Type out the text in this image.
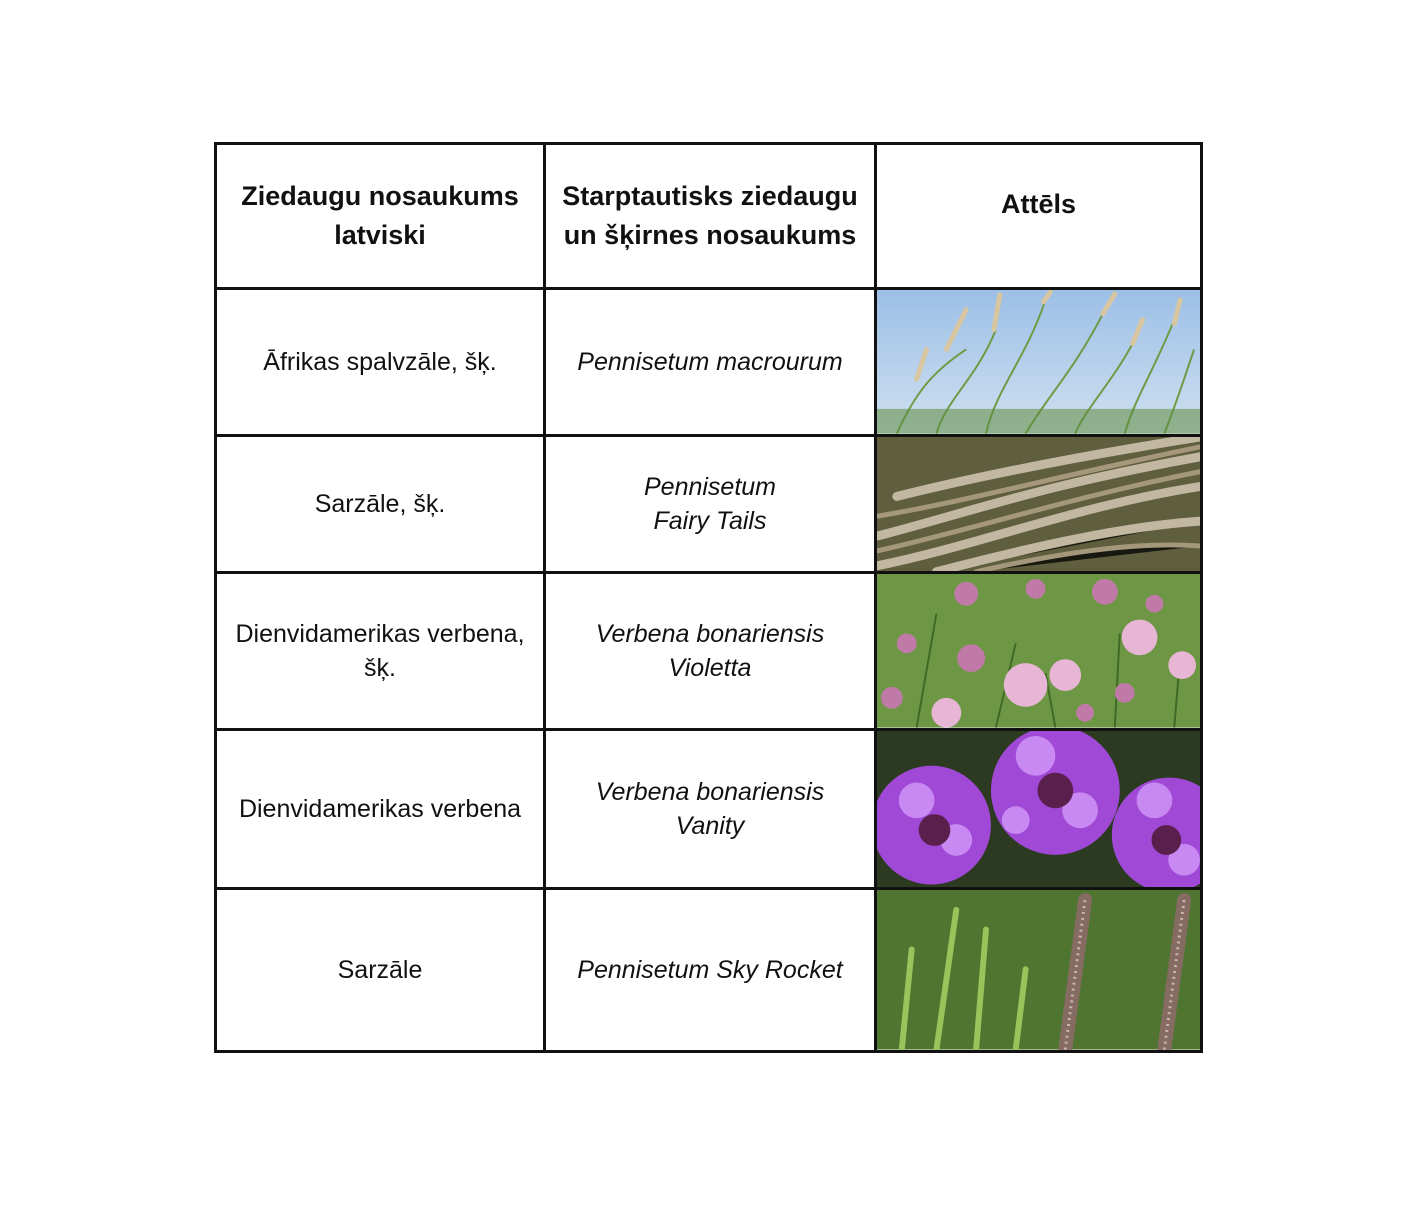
Ziedaugu nosaukums latviski	Starptautisks ziedaugu un šķirnes nosaukums	Attēls

Āfrikas spalvzāle, šķ.	Pennisetum macrourum

Sarzāle, šķ.	Pennisetum
Fairy Tails

Dienvidamerikas verbena, šķ.	Verbena bonariensis
Violetta

Dienvidamerikas verbena	Verbena bonariensis
Vanity

Sarzāle	Pennisetum Sky Rocket
